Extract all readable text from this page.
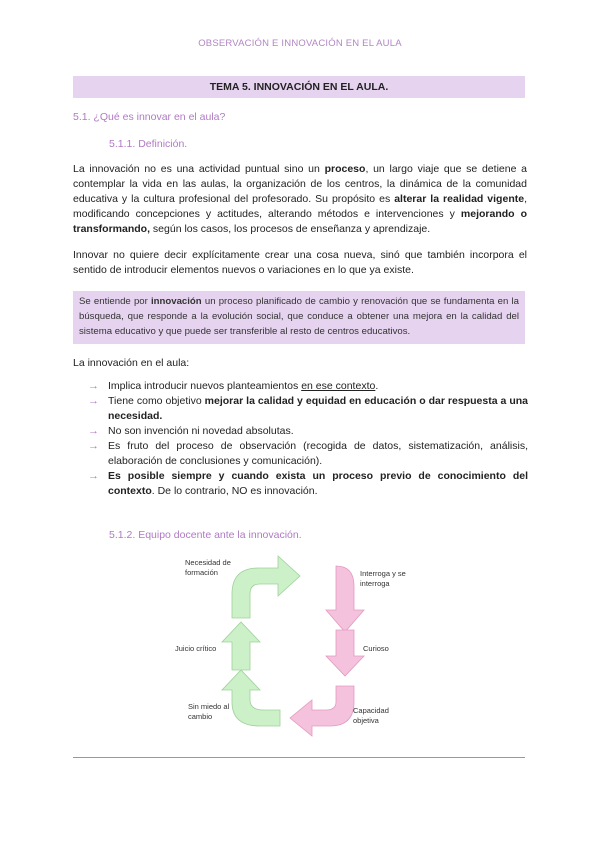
OBSERVACIÓN E INNOVACIÓN EN EL AULA
TEMA 5. INNOVACIÓN EN EL AULA.
5.1. ¿Qué es innovar en el aula?
5.1.1. Definición.
La innovación no es una actividad puntual sino un proceso, un largo viaje que se detiene a contemplar la vida en las aulas, la organización de los centros, la dinámica de la comunidad educativa y la cultura profesional del profesorado. Su propósito es alterar la realidad vigente, modificando concepciones y actitudes, alterando métodos e intervenciones y mejorando o transformando, según los casos, los procesos de enseñanza y aprendizaje.
Innovar no quiere decir explícitamente crear una cosa nueva, sinó que también incorpora el sentido de introducir elementos nuevos o variaciones en lo que ya existe.
Se entiende por innovación un proceso planificado de cambio y renovación que se fundamenta en la búsqueda, que responde a la evolución social, que conduce a obtener una mejora en la calidad del sistema educativo y que puede ser transferible al resto de centros educativos.
La innovación en el aula:
→ Implica introducir nuevos planteamientos en ese contexto.
→ Tiene como objetivo mejorar la calidad y equidad en educación o dar respuesta a una necesidad.
→ No son invención ni novedad absolutas.
→ Es fruto del proceso de observación (recogida de datos, sistematización, análisis, elaboración de conclusiones y comunicación).
→ Es posible siempre y cuando exista un proceso previo de conocimiento del contexto. De lo contrario, NO es innovación.
5.1.2. Equipo docente ante la innovación.
Necesidad de formación	Interroga y se interroga
Juicio crítico	Curioso
Sin miedo al cambio
Capacidad objetiva
